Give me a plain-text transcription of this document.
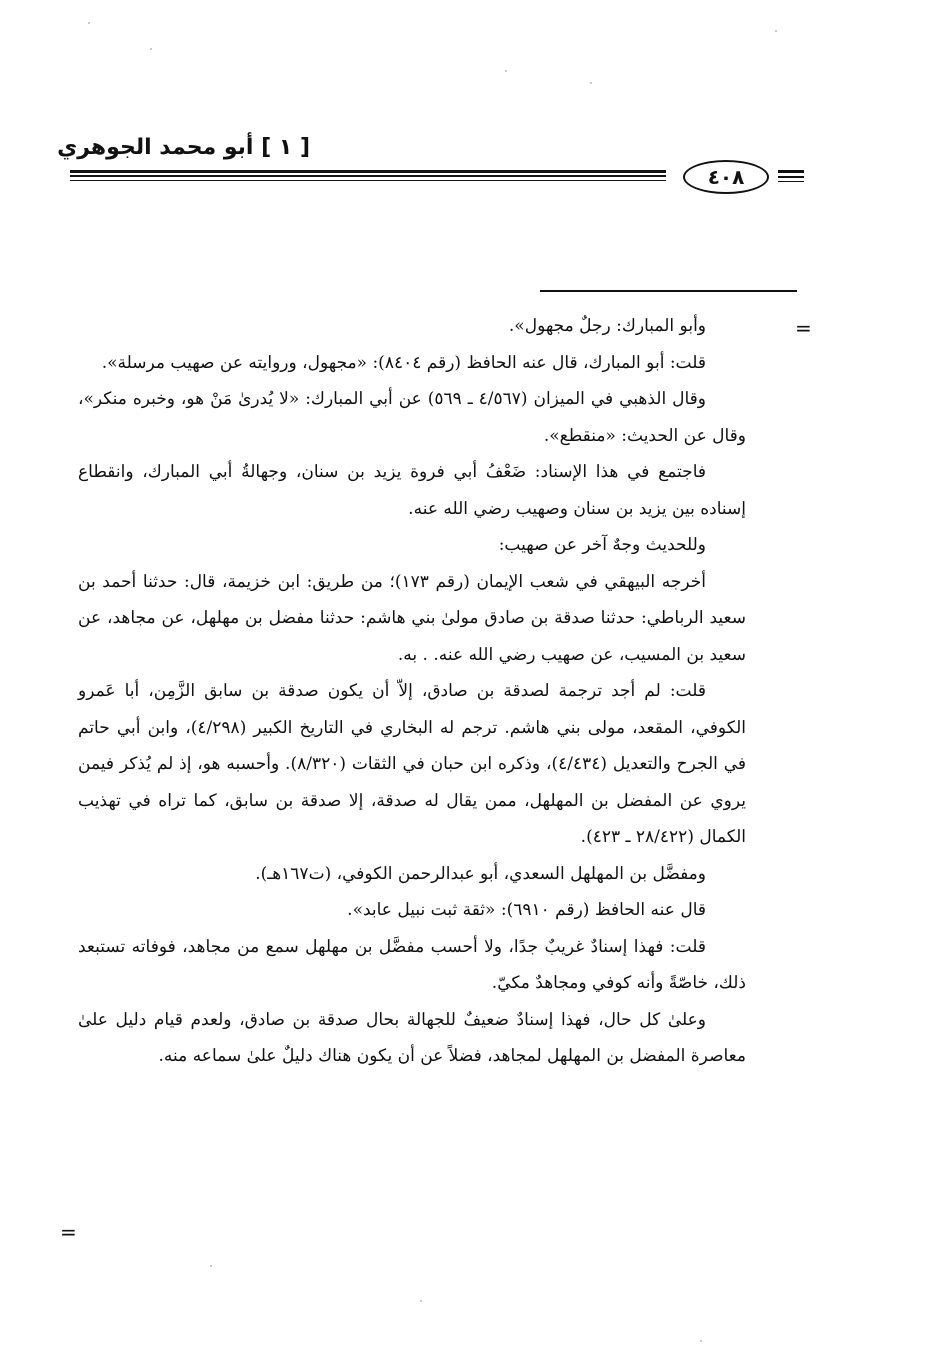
[ ١ ] أبو محمد الجوهري
٤٠٨
=
=

وأبو المبارك: رجلٌ مجهول».

قلت: أبو المبارك، قال عنه الحافظ (رقم ٨٤٠٤): «مجهول، وروايته عن صهيب مرسلة».

وقال الذهبي في الميزان (٤/٥٦٧ ـ ٥٦٩) عن أبي المبارك: «لا يُدرىٰ مَنْ هو، وخبره منكر»، وقال عن الحديث: «منقطع».

فاجتمع في هذا الإسناد: ضَعْفُ أبي فروة يزيد بن سنان، وجهالةُ أبي المبارك، وانقطاع إسناده بين يزيد بن سنان وصهيب رضي الله عنه.

وللحديث وجهٌ آخر عن صهيب:

أخرجه البيهقي في شعب الإيمان (رقم ١٧٣)؛ من طريق: ابن خزيمة، قال: حدثنا أحمد بن سعيد الرباطي: حدثنا صدقة بن صادق مولىٰ بني هاشم: حدثنا مفضل بن مهلهل، عن مجاهد، عن سعيد بن المسيب، عن صهيب رضي الله عنه. . به.

قلت: لم أجد ترجمة لصدقة بن صادق، إلاّ أن يكون صدقة بن سابق الزَّمِن، أبا عَمرو الكوفي، المقعد، مولى بني هاشم. ترجم له البخاري في التاريخ الكبير (٤/٢٩٨)، وابن أبي حاتم في الجرح والتعديل (٤/٤٣٤)، وذكره ابن حبان في الثقات (٨/٣٢٠). وأحسبه هو، إذ لم يُذكر فيمن يروي عن المفضل بن المهلهل، ممن يقال له صدقة، إلا صدقة بن سابق، كما تراه في تهذيب الكمال (٢٨/٤٢٢ ـ ٤٢٣).

ومفضَّل بن المهلهل السعدي، أبو عبدالرحمن الكوفي، (ت١٦٧هـ).

قال عنه الحافظ (رقم ٦٩١٠): «ثقة ثبت نبيل عابد».

قلت: فهذا إسنادٌ غريبٌ جدًا، ولا أحسب مفضَّل بن مهلهل سمع من مجاهد، فوفاته تستبعد ذلك، خاصّةً وأنه كوفي ومجاهدٌ مكيّ.

وعلىٰ كل حال، فهذا إسنادٌ ضعيفٌ للجهالة بحال صدقة بن صادق، ولعدم قيام دليل علىٰ معاصرة المفضل بن المهلهل لمجاهد، فضلاً عن أن يكون هناك دليلٌ علىٰ سماعه منه.
